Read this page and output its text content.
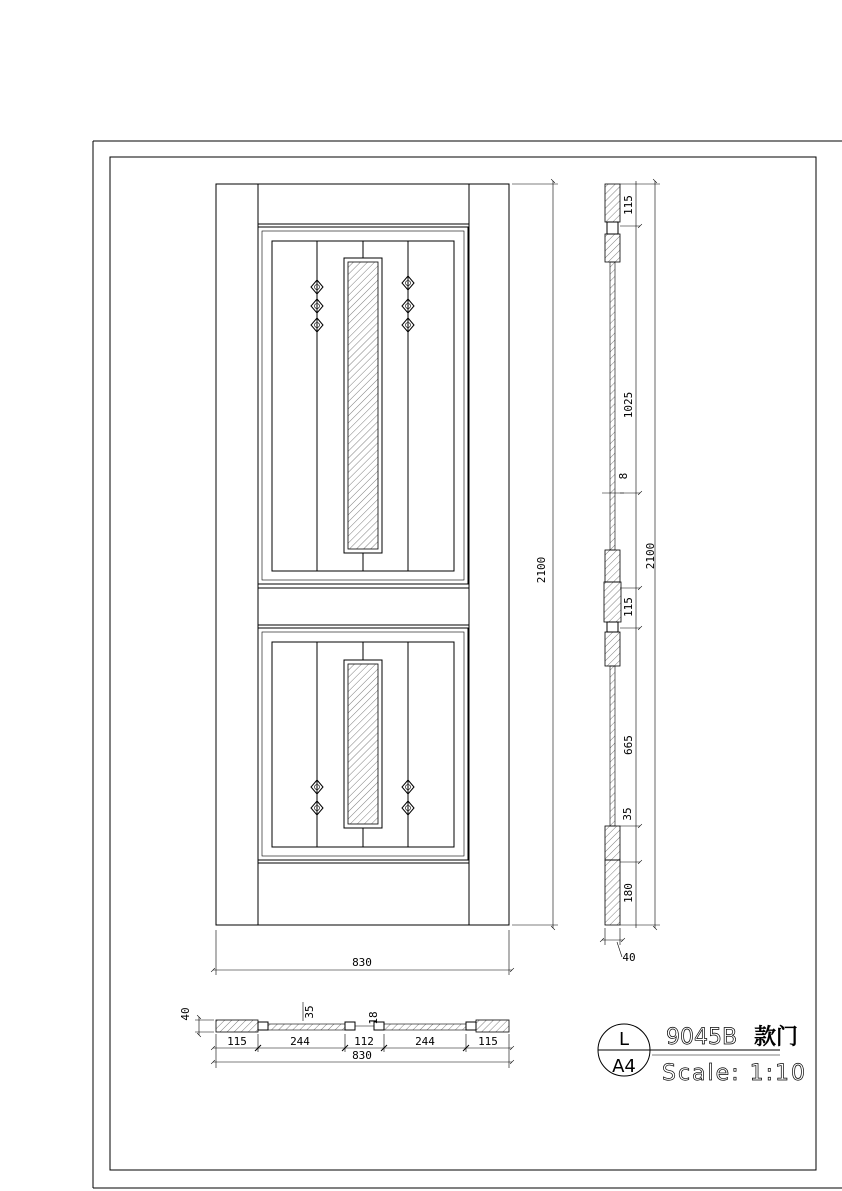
830
2100
115
1025
8
2100
115
665
35
180
40
40	35	18
115	244	112	244	115
830
L
A4
9045B 款门
Scale: 1:10
